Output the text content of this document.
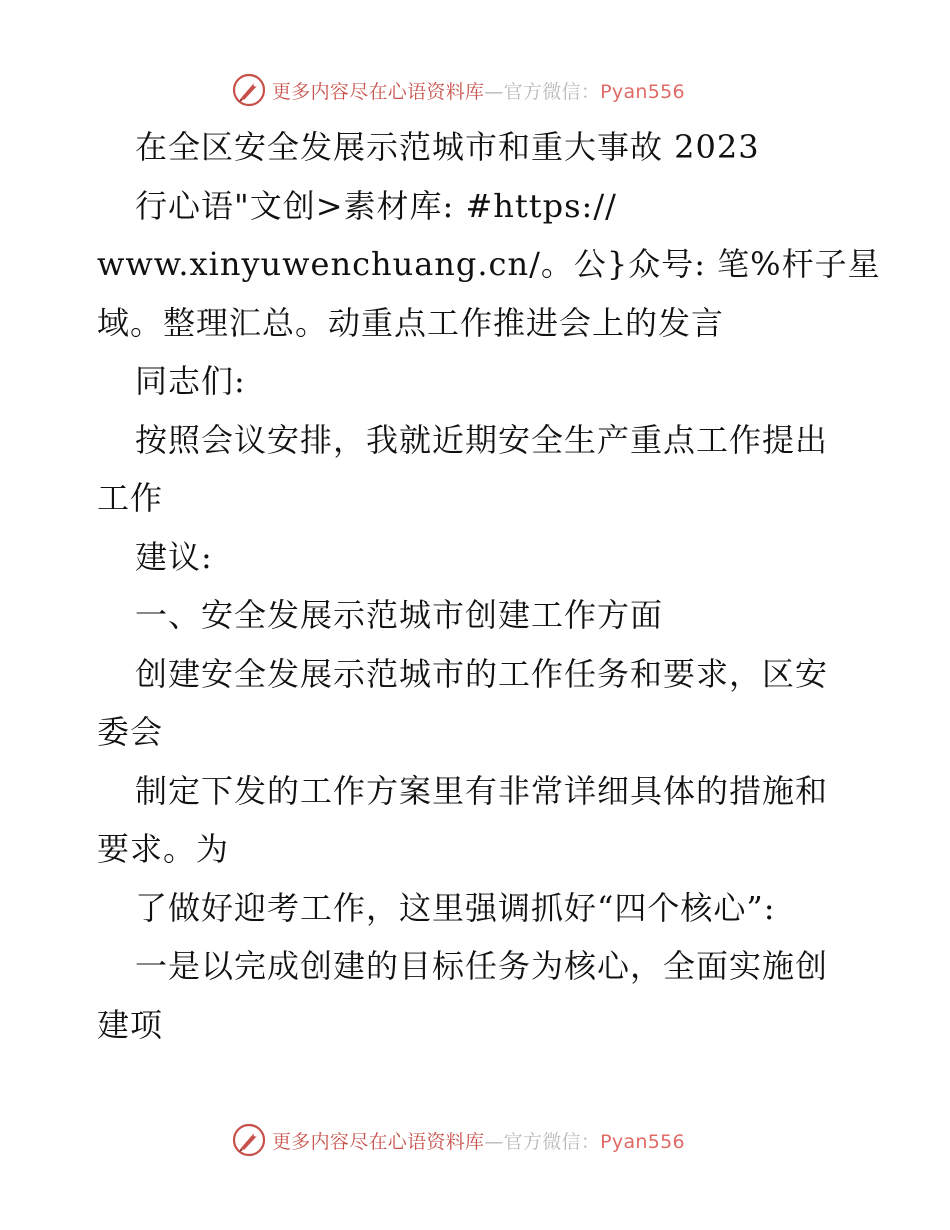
更多内容尽在心语资料库—官方微信：Pyan556
在全区安全发展示范城市和重大事故 2023
行心语"文创>素材库: #https://
www.xinyuwenchuang.cn/。公}众号: 笔%杆子星
域。整理汇总。动重点工作推进会上的发言
同志们:
按照会议安排，我就近期安全生产重点工作提出
工作
建议:
一、安全发展示范城市创建工作方面
创建安全发展示范城市的工作任务和要求，区安
委会
制定下发的工作方案里有非常详细具体的措施和
要求。为
了做好迎考工作，这里强调抓好“四个核心”:
一是以完成创建的目标任务为核心，全面实施创
建项
更多内容尽在心语资料库—官方微信：Pyan556
